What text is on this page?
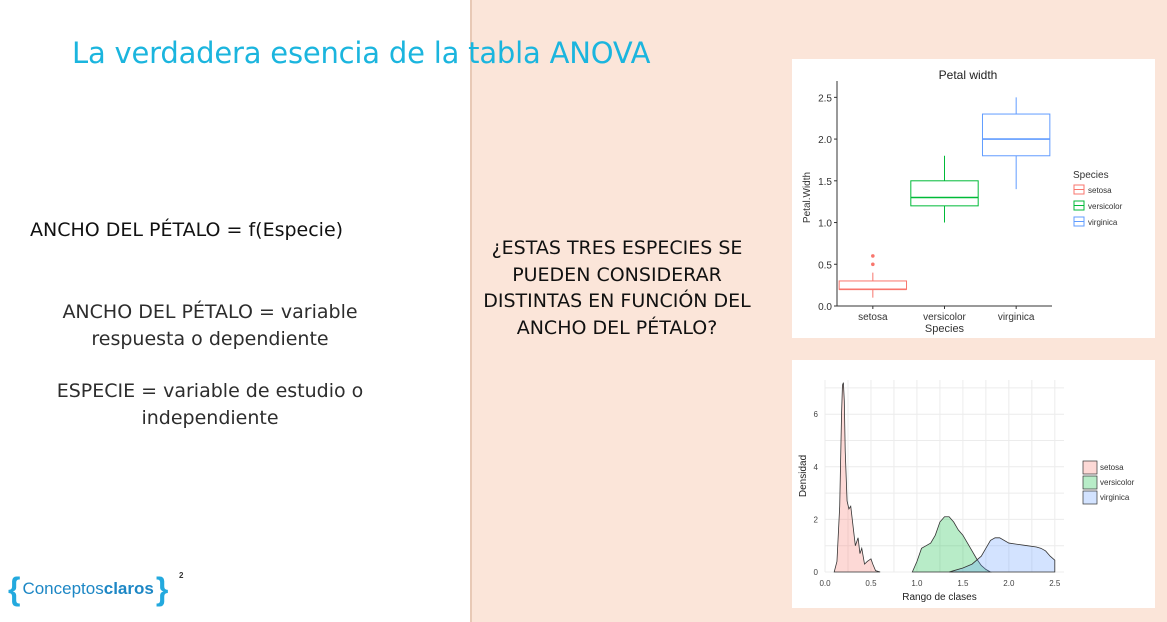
La verdadera esencia de la tabla ANOVA
ANCHO DEL PÉTALO = f(Especie)
ANCHO DEL PÉTALO = variable respuesta o dependiente
ESPECIE = variable de estudio o independiente
¿ESTAS TRES ESPECIES SE PUEDEN CONSIDERAR DISTINTAS EN FUNCIÓN DEL ANCHO DEL PÉTALO?
{ Conceptos claros } 2
Petal width
0.0
0.5
1.0
1.5
2.0
2.5
Petal.Width
Species
setosa	versicolor	virginica
Species
setosa
versicolor
virginica
0.0	0.5	1.0	1.5	2.0	2.5
0
2
4
6
Rango de clases
Densidad	setosa
versicolor
virginica
